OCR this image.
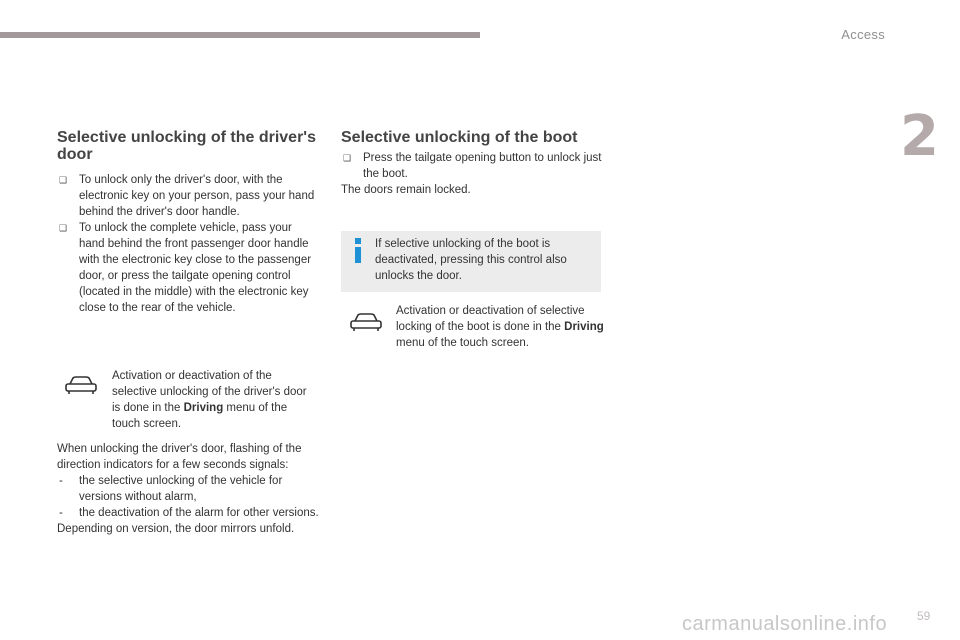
Access
2
Selective unlocking of the driver's door
❑ To unlock only the driver's door, with the electronic key on your person, pass your hand behind the driver's door handle.
❑ To unlock the complete vehicle, pass your hand behind the front passenger door handle with the electronic key close to the passenger door, or press the tailgate opening control (located in the middle) with the electronic key close to the rear of the vehicle.
Activation or deactivation of the selective unlocking of the driver's door is done in the Driving menu of the touch screen.
When unlocking the driver's door, flashing of the direction indicators for a few seconds signals:
- the selective unlocking of the vehicle for versions without alarm,
- the deactivation of the alarm for other versions.
Depending on version, the door mirrors unfold.
Selective unlocking of the boot
❑ Press the tailgate opening button to unlock just the boot.
The doors remain locked.
If selective unlocking of the boot is deactivated, pressing this control also unlocks the door.
Activation or deactivation of selective locking of the boot is done in the Driving menu of the touch screen.
carmanualsonline.info 59
